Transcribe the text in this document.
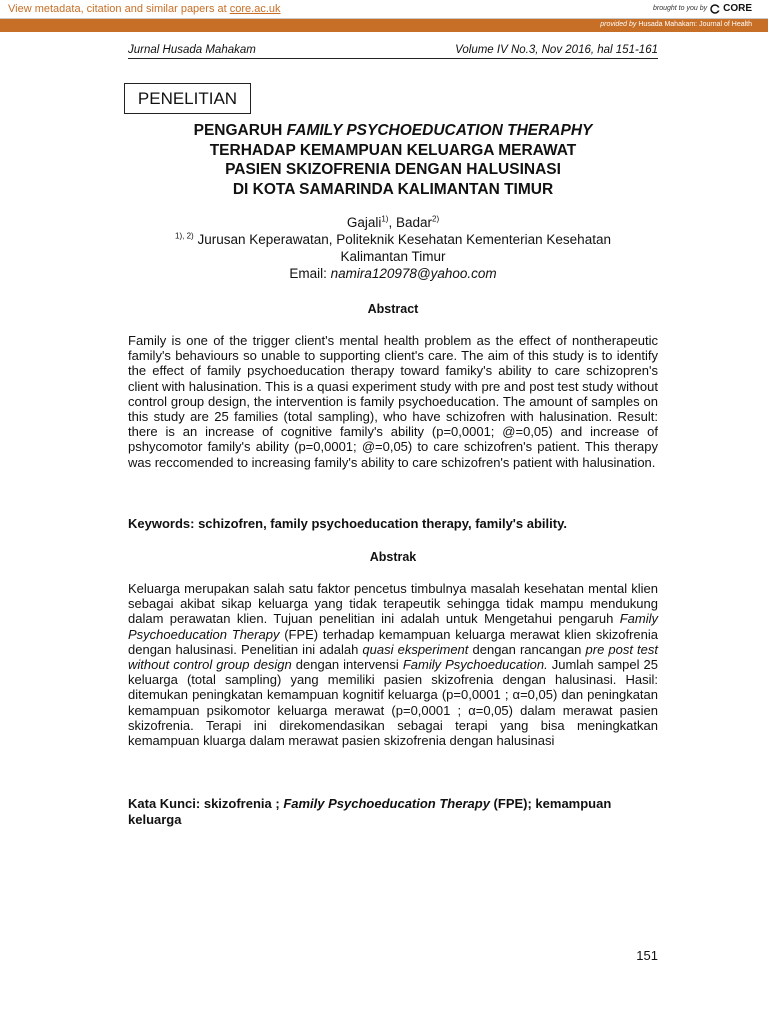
View metadata, citation and similar papers at core.ac.uk	brought to you by CORE
provided by Husada Mahakam: Journal of Health
Jurnal Husada Mahakam	Volume IV No.3, Nov 2016, hal 151-161
PENELITIAN
PENGARUH FAMILY PSYCHOEDUCATION THERAPHY
TERHADAP KEMAMPUAN KELUARGA MERAWAT
PASIEN SKIZOFRENIA DENGAN HALUSINASI
DI KOTA SAMARINDA KALIMANTAN TIMUR
Gajali$^{1)}$, Badar$^{2)}$
$^{1), 2)}$ Jurusan Keperawatan, Politeknik Kesehatan Kementerian Kesehatan
Kalimantan Timur
Email: namira120978@yahoo.com
Abstract
Family is one of the trigger client's mental health problem as the effect of nontherapeutic family's behaviours so unable to supporting client's care. The aim of this study is to identify the effect of family psychoeducation therapy toward famiky's ability to care schizopren's client with halusination. This is a quasi experiment study with pre and post test study without control group design, the intervention is family psychoeducation. The amount of samples on this study are 25 families (total sampling), who have schizofren with halusination. Result: there is an increase of cognitive family's ability (p=0,0001; @=0,05) and increase of pshycomotor family's ability (p=0,0001; @=0,05) to care schizofren's patient. This therapy was reccomended to increasing family's ability to care schizofren's patient with halusination.
Keywords: schizofren, family psychoeducation therapy, family's ability.
Abstrak
Keluarga merupakan salah satu faktor pencetus timbulnya masalah kesehatan mental klien sebagai akibat sikap keluarga yang tidak terapeutik sehingga tidak mampu mendukung dalam perawatan klien. Tujuan penelitian ini adalah untuk Mengetahui pengaruh Family Psychoeducation Therapy (FPE) terhadap kemampuan keluarga merawat klien skizofrenia dengan halusinasi. Penelitian ini adalah quasi eksperiment dengan rancangan pre post test without control group design dengan intervensi Family Psychoeducation. Jumlah sampel 25 keluarga (total sampling) yang memiliki pasien skizofrenia dengan halusinasi. Hasil: ditemukan peningkatan kemampuan kognitif keluarga (p=0,0001 ; α=0,05) dan peningkatan kemampuan psikomotor keluarga merawat (p=0,0001 ; α=0,05) dalam merawat pasien skizofrenia. Terapi ini direkomendasikan sebagai terapi yang bisa meningkatkan kemampuan kluarga dalam merawat pasien skizofrenia dengan halusinasi
Kata Kunci: skizofrenia ; Family Psychoeducation Therapy (FPE); kemampuan keluarga
151
